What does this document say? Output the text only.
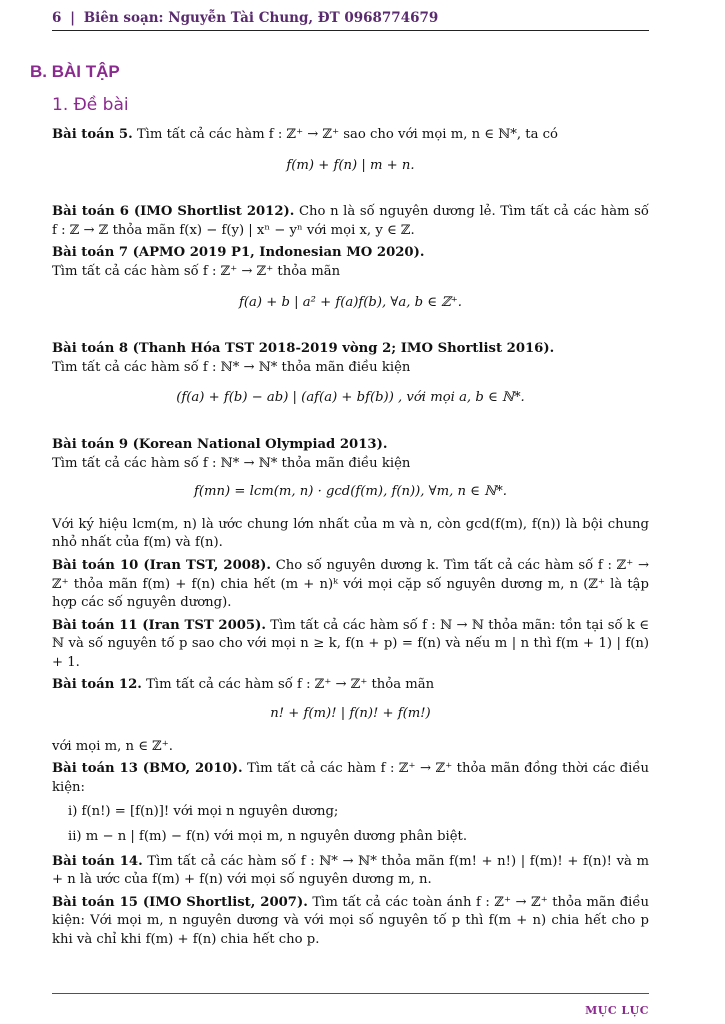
6 | Biên soạn: Nguyễn Tài Chung, ĐT 0968774679
B. BÀI TẬP
1. Đề bài

Bài toán 5. Tìm tất cả các hàm f : ℤ⁺ → ℤ⁺ sao cho với mọi m, n ∈ ℕ*, ta có

f(m) + f(n) | m + n.

Bài toán 6 (IMO Shortlist 2012). Cho n là số nguyên dương lẻ. Tìm tất cả các hàm số f : ℤ → ℤ thỏa mãn f(x) − f(y) | xⁿ − yⁿ với mọi x, y ∈ ℤ.

Bài toán 7 (APMO 2019 P1, Indonesian MO 2020).

Tìm tất cả các hàm số f : ℤ⁺ → ℤ⁺ thỏa mãn

f(a) + b | a² + f(a)f(b), ∀a, b ∈ ℤ⁺.

Bài toán 8 (Thanh Hóa TST 2018-2019 vòng 2; IMO Shortlist 2016).

Tìm tất cả các hàm số f : ℕ* → ℕ* thỏa mãn điều kiện

(f(a) + f(b) − ab) | (af(a) + bf(b)) , với mọi a, b ∈ ℕ*.

Bài toán 9 (Korean National Olympiad 2013).

Tìm tất cả các hàm số f : ℕ* → ℕ* thỏa mãn điều kiện

f(mn) = lcm(m, n) · gcd(f(m), f(n)), ∀m, n ∈ ℕ*.

Với ký hiệu lcm(m, n) là ước chung lớn nhất của m và n, còn gcd(f(m), f(n)) là bội chung nhỏ nhất của f(m) và f(n).

Bài toán 10 (Iran TST, 2008). Cho số nguyên dương k. Tìm tất cả các hàm số f : ℤ⁺ → ℤ⁺ thỏa mãn f(m) + f(n) chia hết (m + n)ᵏ với mọi cặp số nguyên dương m, n (ℤ⁺ là tập hợp các số nguyên dương).

Bài toán 11 (Iran TST 2005). Tìm tất cả các hàm số f : ℕ → ℕ thỏa mãn: tồn tại số k ∈ ℕ và số nguyên tố p sao cho với mọi n ≥ k, f(n + p) = f(n) và nếu m | n thì f(m + 1) | f(n) + 1.

Bài toán 12. Tìm tất cả các hàm số f : ℤ⁺ → ℤ⁺ thỏa mãn

n! + f(m)! | f(n)! + f(m!)

với mọi m, n ∈ ℤ⁺.

Bài toán 13 (BMO, 2010). Tìm tất cả các hàm f : ℤ⁺ → ℤ⁺ thỏa mãn đồng thời các điều kiện:

i) f(n!) = [f(n)]! với mọi n nguyên dương;
ii) m − n | f(m) − f(n) với mọi m, n nguyên dương phân biệt.

Bài toán 14. Tìm tất cả các hàm số f : ℕ* → ℕ* thỏa mãn f(m! + n!) | f(m)! + f(n)! và m + n là ước của f(m) + f(n) với mọi số nguyên dương m, n.

Bài toán 15 (IMO Shortlist, 2007). Tìm tất cả các toàn ánh f : ℤ⁺ → ℤ⁺ thỏa mãn điều kiện: Với mọi m, n nguyên dương và với mọi số nguyên tố p thì f(m + n) chia hết cho p khi và chỉ khi f(m) + f(n) chia hết cho p.

MỤC LỤC
